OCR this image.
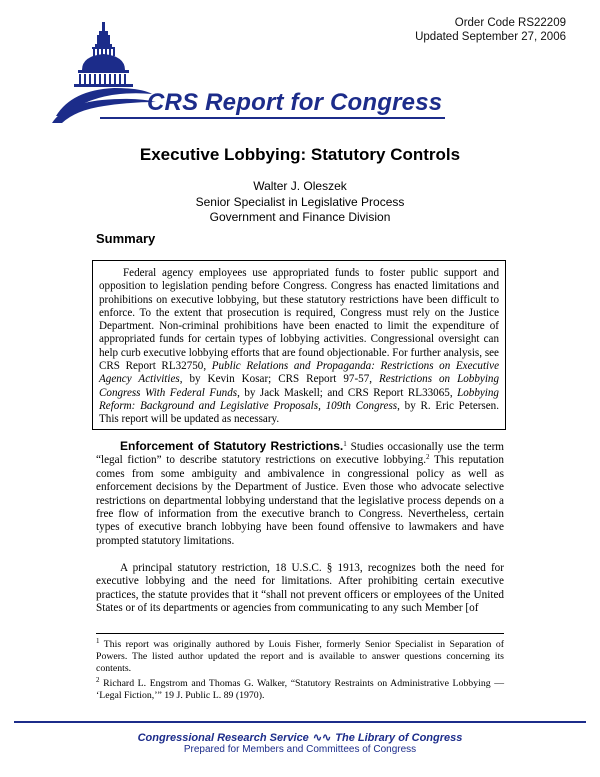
Order Code RS22209
Updated September 27, 2006
CRS Report for Congress
Executive Lobbying: Statutory Controls
Walter J. Oleszek
Senior Specialist in Legislative Process
Government and Finance Division
Summary

Federal agency employees use appropriated funds to foster public support and opposition to legislation pending before Congress. Congress has enacted limitations and prohibitions on executive lobbying, but these statutory restrictions have been difficult to enforce. To the extent that prosecution is required, Congress must rely on the Justice Department. Non-criminal prohibitions have been enacted to limit the expenditure of appropriated funds for certain types of lobbying activities. Congressional oversight can help curb executive lobbying efforts that are found objectionable. For further analysis, see CRS Report RL32750, Public Relations and Propaganda: Restrictions on Executive Agency Activities, by Kevin Kosar; CRS Report 97-57, Restrictions on Lobbying Congress With Federal Funds, by Jack Maskell; and CRS Report RL33065, Lobbying Reform: Background and Legislative Proposals, 109th Congress, by R. Eric Petersen. This report will be updated as necessary.

Enforcement of Statutory Restrictions.$^1$ Studies occasionally use the term “legal fiction” to describe statutory restrictions on executive lobbying.$^2$ This reputation comes from some ambiguity and ambivalence in congressional policy as well as enforcement decisions by the Department of Justice. Even those who advocate selective restrictions on departmental lobbying understand that the legislative process depends on a free flow of information from the executive branch to Congress. Nevertheless, certain types of executive branch lobbying have been found offensive to lawmakers and have prompted statutory limitations.

A principal statutory restriction, 18 U.S.C. § 1913, recognizes both the need for executive lobbying and the need for limitations. After prohibiting certain executive practices, the statute provides that it “shall not prevent officers or employees of the United States or of its departments or agencies from communicating to any such Member [of

$^1$ This report was originally authored by Louis Fisher, formerly Senior Specialist in Separation of Powers. The listed author updated the report and is available to answer questions concerning its contents.

$^2$ Richard L. Engstrom and Thomas G. Walker, “Statutory Restraints on Administrative Lobbying — ‘Legal Fiction,’” 19 J. Public L. 89 (1970).

Congressional Research Service ∿∿ The Library of Congress
Prepared for Members and Committees of Congress
